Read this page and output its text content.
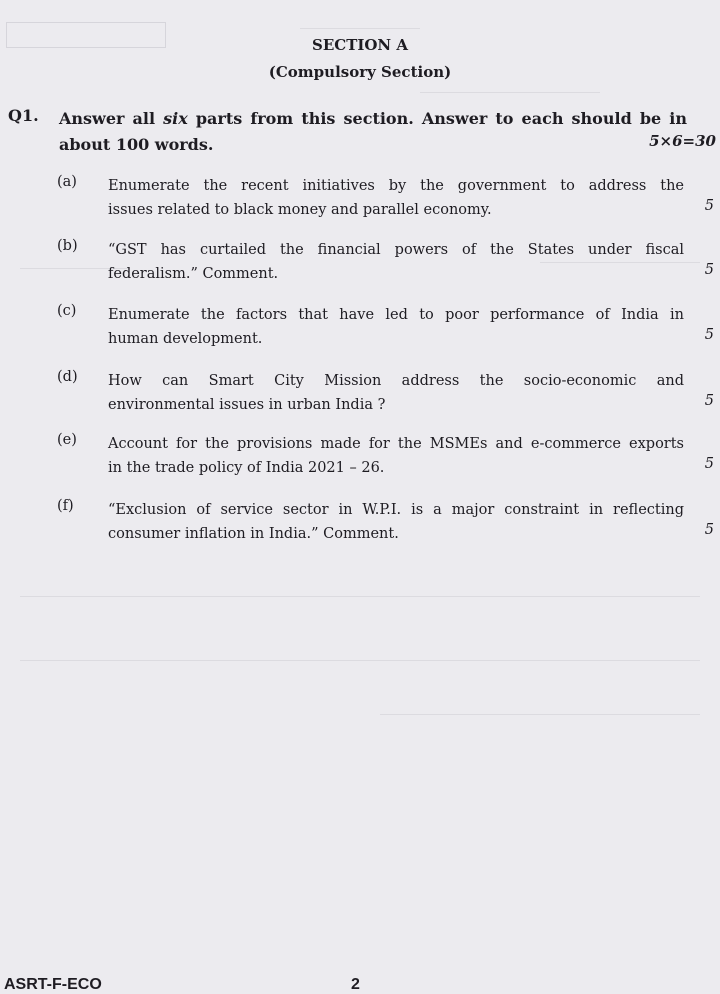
SECTION A
(Compulsory Section)
Q1. Answer all six parts from this section. Answer to each should be in
about 100 words.	5×6=30
(a) Enumerate the recent initiatives by the government to address the
issues related to black money and parallel economy.	5
(b) “GST has curtailed the financial powers of the States under fiscal
federalism.” Comment.	5
(c) Enumerate the factors that have led to poor performance of India in
human development.	5
(d) How can Smart City Mission address the socio-economic and
environmental issues in urban India ?	5
(e) Account for the provisions made for the MSMEs and e-commerce exports
in the trade policy of India 2021 – 26.	5
(f) “Exclusion of service sector in W.P.I. is a major constraint in reflecting
consumer inflation in India.” Comment.	5
ASRT-F-ECO	2
